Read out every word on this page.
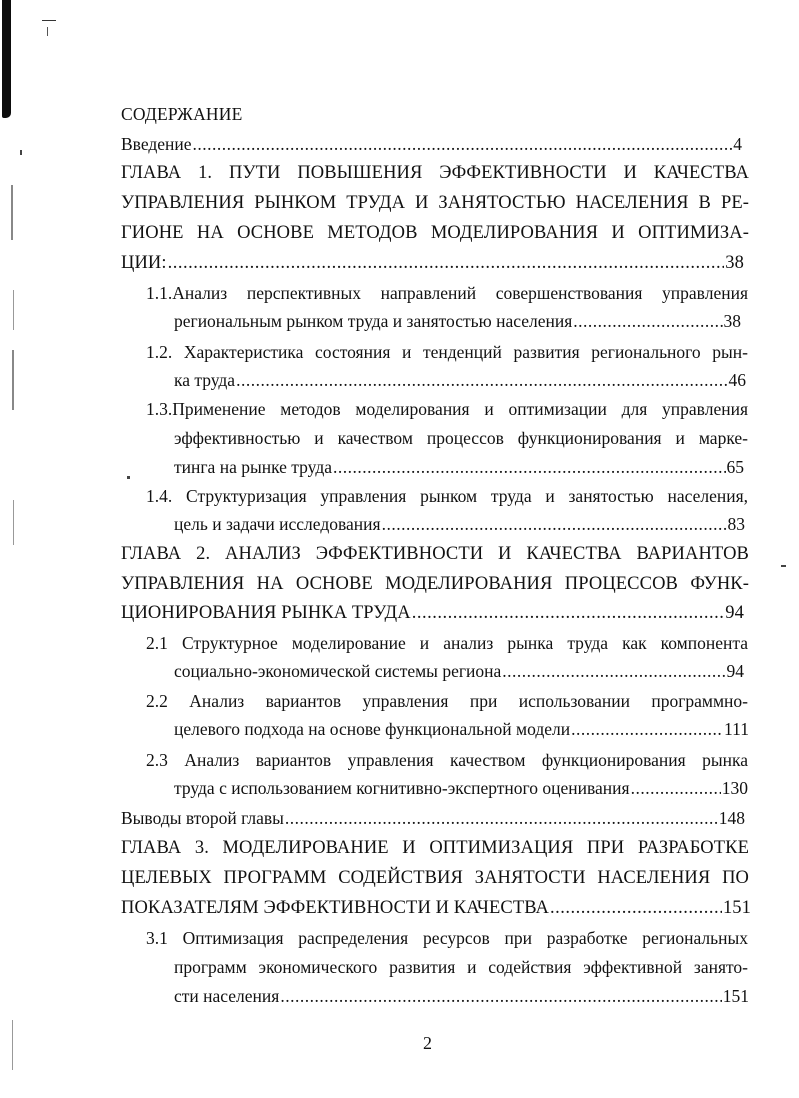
СОДЕРЖАНИЕ
Введение .....	4
ГЛАВА 1. ПУТИ ПОВЫШЕНИЯ ЭФФЕКТИВНОСТИ И КАЧЕСТВА
УПРАВЛЕНИЯ РЫНКОМ ТРУДА И ЗАНЯТОСТЬЮ НАСЕЛЕНИЯ В РЕ-
ГИОНЕ НА ОСНОВЕ МЕТОДОВ МОДЕЛИРОВАНИЯ И ОПТИМИЗА-
ЦИИ: .....	38
1.1.Анализ перспективных направлений совершенствования управления
региональным рынком труда и занятостью населения .....	38
1.2. Характеристика состояния и тенденций развития регионального рын-
ка труда .....	46
1.3.Применение методов моделирования и оптимизации для управления
эффективностью и качеством процессов функционирования и марке-
тинга на рынке труда .....	65
1.4. Структуризация управления рынком труда и занятостью населения,
цель и задачи исследования .....	83
ГЛАВА 2. АНАЛИЗ ЭФФЕКТИВНОСТИ И КАЧЕСТВА ВАРИАНТОВ
УПРАВЛЕНИЯ НА ОСНОВЕ МОДЕЛИРОВАНИЯ ПРОЦЕССОВ ФУНК-
ЦИОНИРОВАНИЯ РЫНКА ТРУДА .....	94
2.1 Структурное моделирование и анализ рынка труда как компонента
социально-экономической системы региона .....	94
2.2 Анализ вариантов управления при использовании программно-
целевого подхода на основе функциональной модели .....	111
2.3 Анализ вариантов управления качеством функционирования рынка
труда с использованием когнитивно-экспертного оценивания .....	130
Выводы второй главы .....	148
ГЛАВА 3. МОДЕЛИРОВАНИЕ И ОПТИМИЗАЦИЯ ПРИ РАЗРАБОТКЕ
ЦЕЛЕВЫХ ПРОГРАММ СОДЕЙСТВИЯ ЗАНЯТОСТИ НАСЕЛЕНИЯ ПО
ПОКАЗАТЕЛЯМ ЭФФЕКТИВНОСТИ И КАЧЕСТВА .....	151
3.1 Оптимизация распределения ресурсов при разработке региональных
программ экономического развития и содействия эффективной занято-
сти населения .....	151
2
